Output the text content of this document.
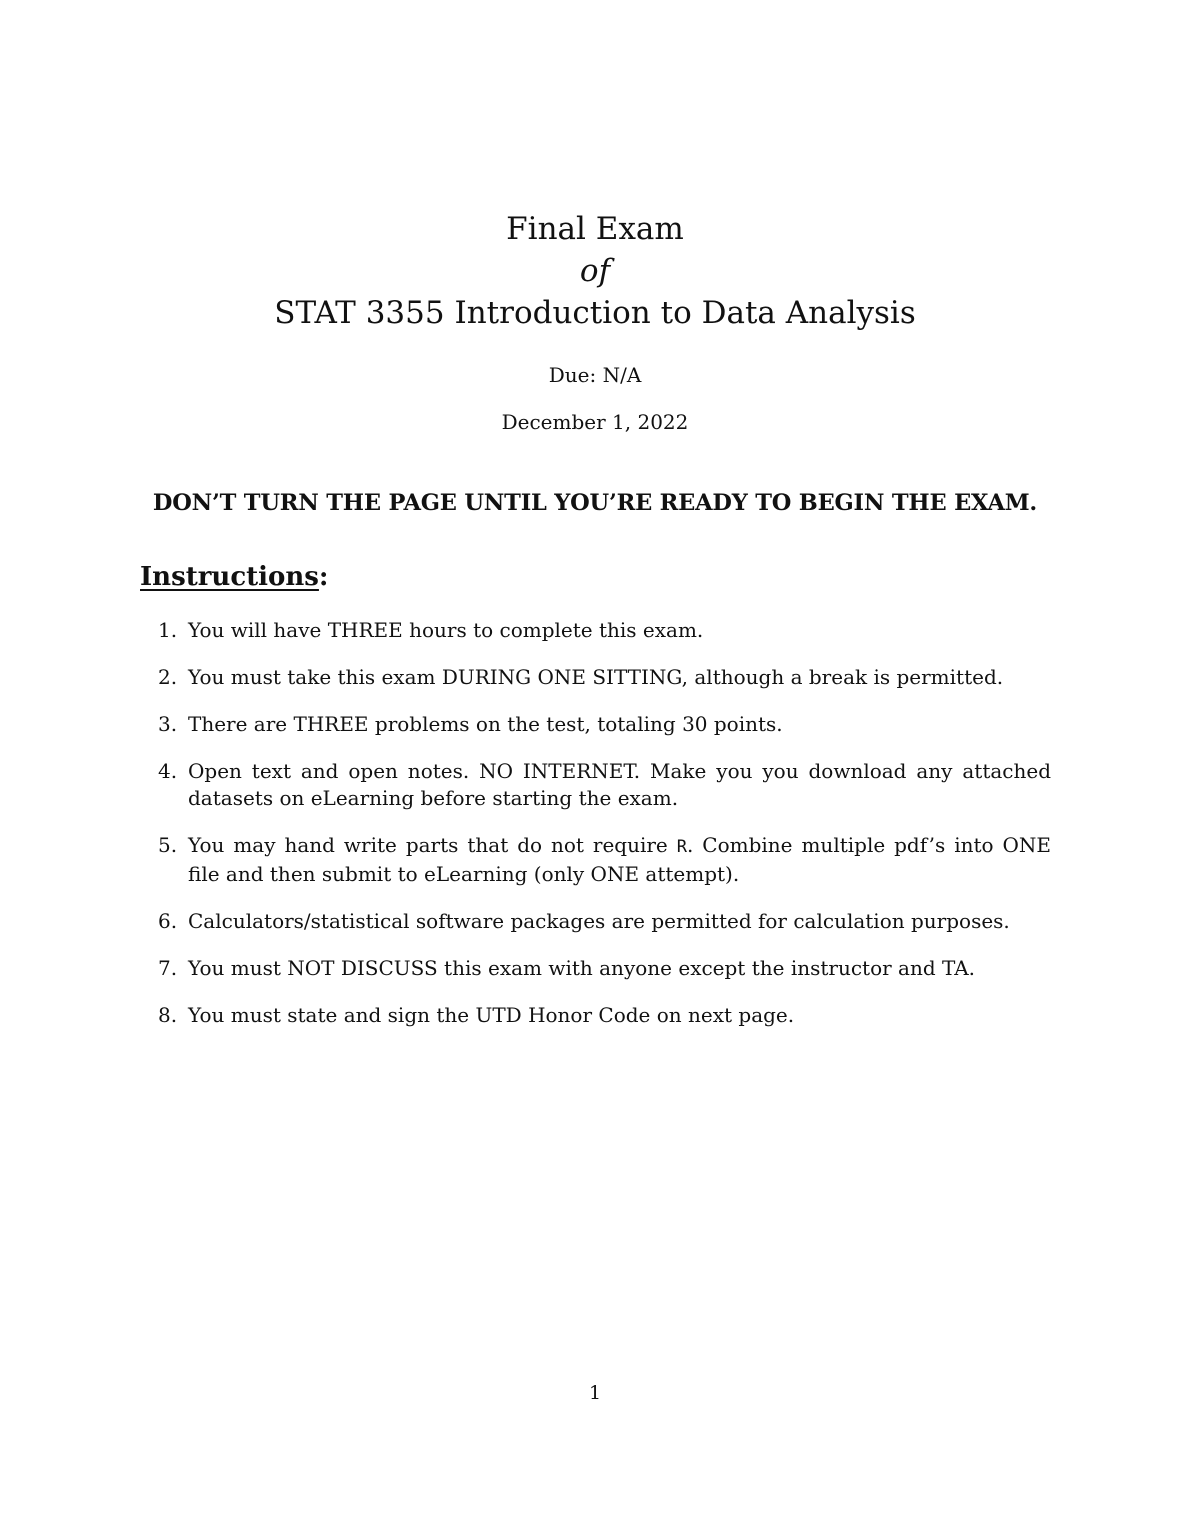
Final Exam
of
STAT 3355 Introduction to Data Analysis
Due: N/A
December 1, 2022
DON’T TURN THE PAGE UNTIL YOU’RE READY TO BEGIN THE EXAM.
Instructions:
1. You will have THREE hours to complete this exam.
2. You must take this exam DURING ONE SITTING, although a break is permitted.
3. There are THREE problems on the test, totaling 30 points.
4. Open text and open notes. NO INTERNET. Make you you download any attached datasets on eLearning before starting the exam.
5. You may hand write parts that do not require R. Combine multiple pdf’s into ONE file and then submit to eLearning (only ONE attempt).
6. Calculators/statistical software packages are permitted for calculation purposes.
7. You must NOT DISCUSS this exam with anyone except the instructor and TA.
8. You must state and sign the UTD Honor Code on next page.
1
